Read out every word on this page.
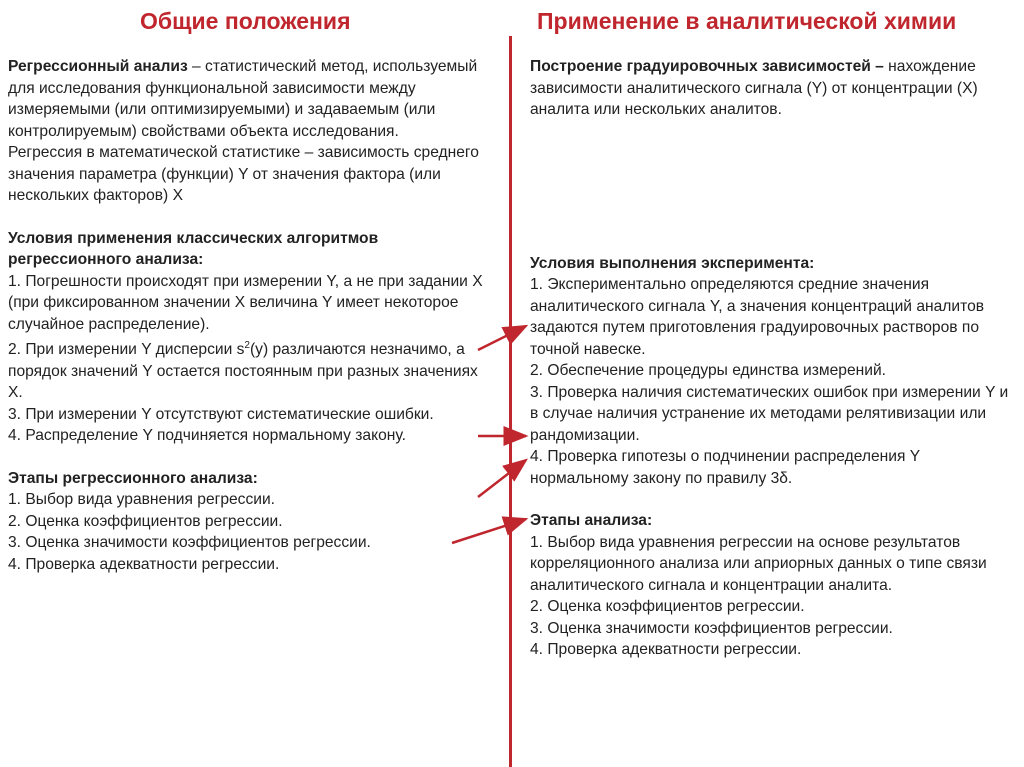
Общие положения	Применение в аналитической химии

Регрессионный анализ – статистический метод, используемый для исследования функциональной зависимости между измеряемыми (или оптимизируемыми) и задаваемым (или контролируемым) свойствами объекта исследования.

Регрессия в математической статистике – зависимость среднего значения параметра (функции) Y от значения фактора (или нескольких факторов) X

Условия применения классических алгоритмов регрессионного анализа:

1. Погрешности происходят при измерении Y, а не при задании X (при фиксированном значении X величина Y имеет некоторое случайное распределение).

2. При измерении Y дисперсии $s^2(y)$ различаются незначимо, а порядок значений Y остается постоянным при разных значениях X.

3. При измерении Y отсутствуют систематические ошибки.

4. Распределение Y подчиняется нормальному закону.

Этапы регрессионного анализа:

1. Выбор вида уравнения регрессии.

2. Оценка коэффициентов регрессии.

3. Оценка значимости коэффициентов регрессии.

4. Проверка адекватности регрессии.

Построение градуировочных зависимостей – нахождение зависимости аналитического сигнала (Y) от концентрации (X) аналита или нескольких аналитов.

Условия выполнения эксперимента:

1. Экспериментально определяются средние значения аналитического сигнала Y, а значения концентраций аналитов задаются путем приготовления градуировочных растворов по точной навеске.

2. Обеспечение процедуры единства измерений.

3. Проверка наличия систематических ошибок при измерении Y и в случае наличия устранение их методами релятивизации или рандомизации.

4. Проверка гипотезы о подчинении распределения Y нормальному закону по правилу 3δ.

Этапы анализа:

1. Выбор вида уравнения регрессии на основе результатов корреляционного анализа или априорных данных о типе связи аналитического сигнала и концентрации аналита.

2. Оценка коэффициентов регрессии.

3. Оценка значимости коэффициентов регрессии.

4. Проверка адекватности регрессии.
